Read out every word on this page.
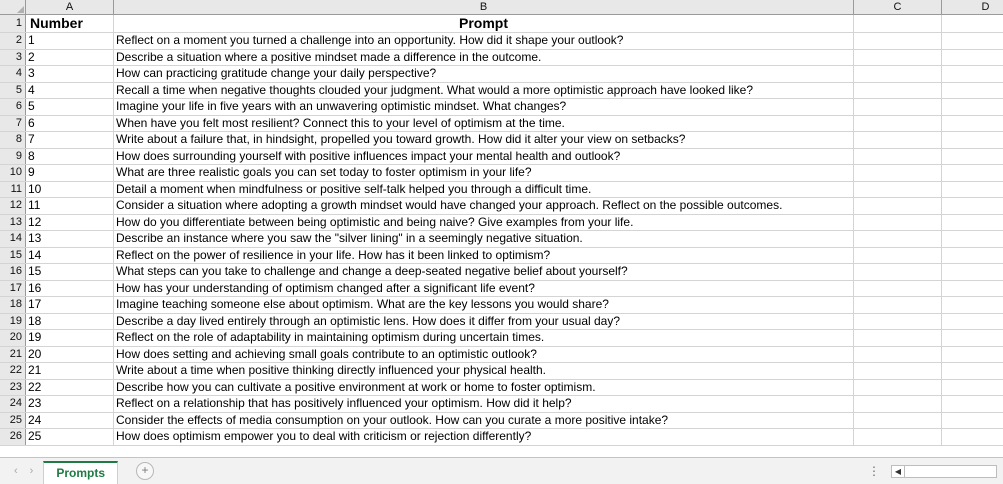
A	B	C	D
1 Number	Prompt
2 1	Reflect on a moment you turned a challenge into an opportunity. How did it shape your outlook?
3 2	Describe a situation where a positive mindset made a difference in the outcome.
4 3	How can practicing gratitude change your daily perspective?
5 4	Recall a time when negative thoughts clouded your judgment. What would a more optimistic approach have looked like?
6 5	Imagine your life in five years with an unwavering optimistic mindset. What changes?
7 6	When have you felt most resilient? Connect this to your level of optimism at the time.
8 7	Write about a failure that, in hindsight, propelled you toward growth. How did it alter your view on setbacks?
9 8	How does surrounding yourself with positive influences impact your mental health and outlook?
10 9	What are three realistic goals you can set today to foster optimism in your life?
11 10	Detail a moment when mindfulness or positive self-talk helped you through a difficult time.
12 11	Consider a situation where adopting a growth mindset would have changed your approach. Reflect on the possible outcomes.
13 12	How do you differentiate between being optimistic and being naive? Give examples from your life.
14 13	Describe an instance where you saw the "silver lining" in a seemingly negative situation.
15 14	Reflect on the power of resilience in your life. How has it been linked to optimism?
16 15	What steps can you take to challenge and change a deep-seated negative belief about yourself?
17 16	How has your understanding of optimism changed after a significant life event?
18 17	Imagine teaching someone else about optimism. What are the key lessons you would share?
19 18	Describe a day lived entirely through an optimistic lens. How does it differ from your usual day?
20 19	Reflect on the role of adaptability in maintaining optimism during uncertain times.
21 20	How does setting and achieving small goals contribute to an optimistic outlook?
22 21	Write about a time when positive thinking directly influenced your physical health.
23 22	Describe how you can cultivate a positive environment at work or home to foster optimism.
24 23	Reflect on a relationship that has positively influenced your optimism. How did it help?
25 24	Consider the effects of media consumption on your outlook. How can you curate a more positive intake?
26 25	How does optimism empower you to deal with criticism or rejection differently?
‹ ›	Prompts	+	⋮	◀
